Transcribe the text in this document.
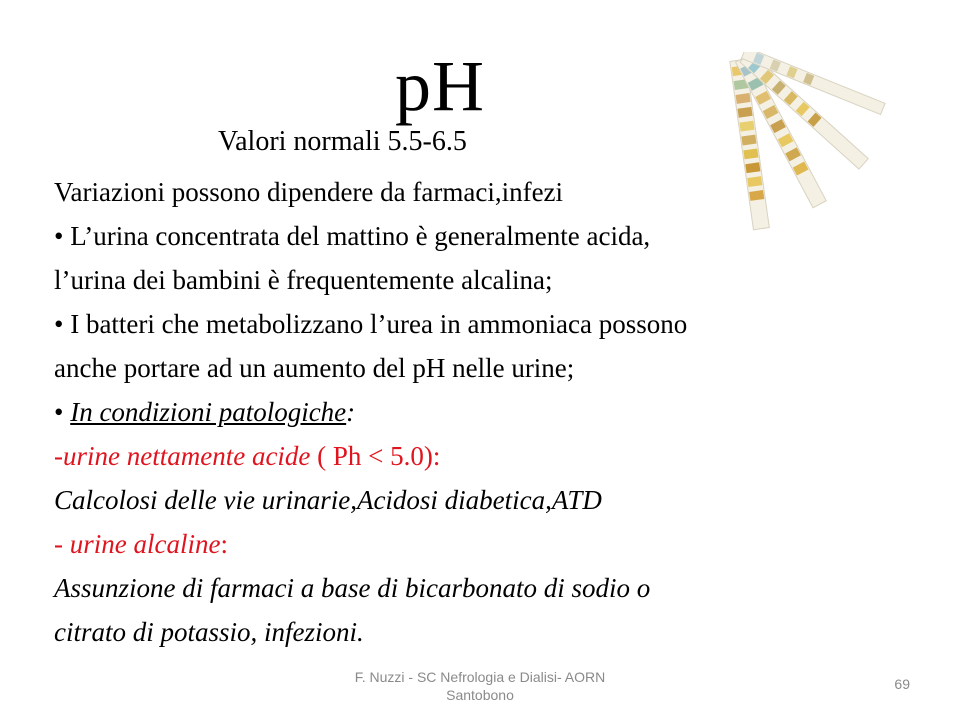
pH
Valori normali 5.5-6.5
Variazioni possono dipendere da farmaci,infezi
• L’urina concentrata del mattino è generalmente acida,
l’urina dei bambini è frequentemente alcalina;
• I batteri che metabolizzano l’urea in ammoniaca possono
anche portare ad un aumento del pH nelle urine;
• In condizioni patologiche:
-urine nettamente acide ( Ph < 5.0):
Calcolosi delle vie urinarie,Acidosi diabetica,ATD
- urine alcaline:
Assunzione di farmaci a base di bicarbonato di sodio o
citrato di potassio, infezioni.
F. Nuzzi - SC Nefrologia e Dialisi- AORN Santobono
69
